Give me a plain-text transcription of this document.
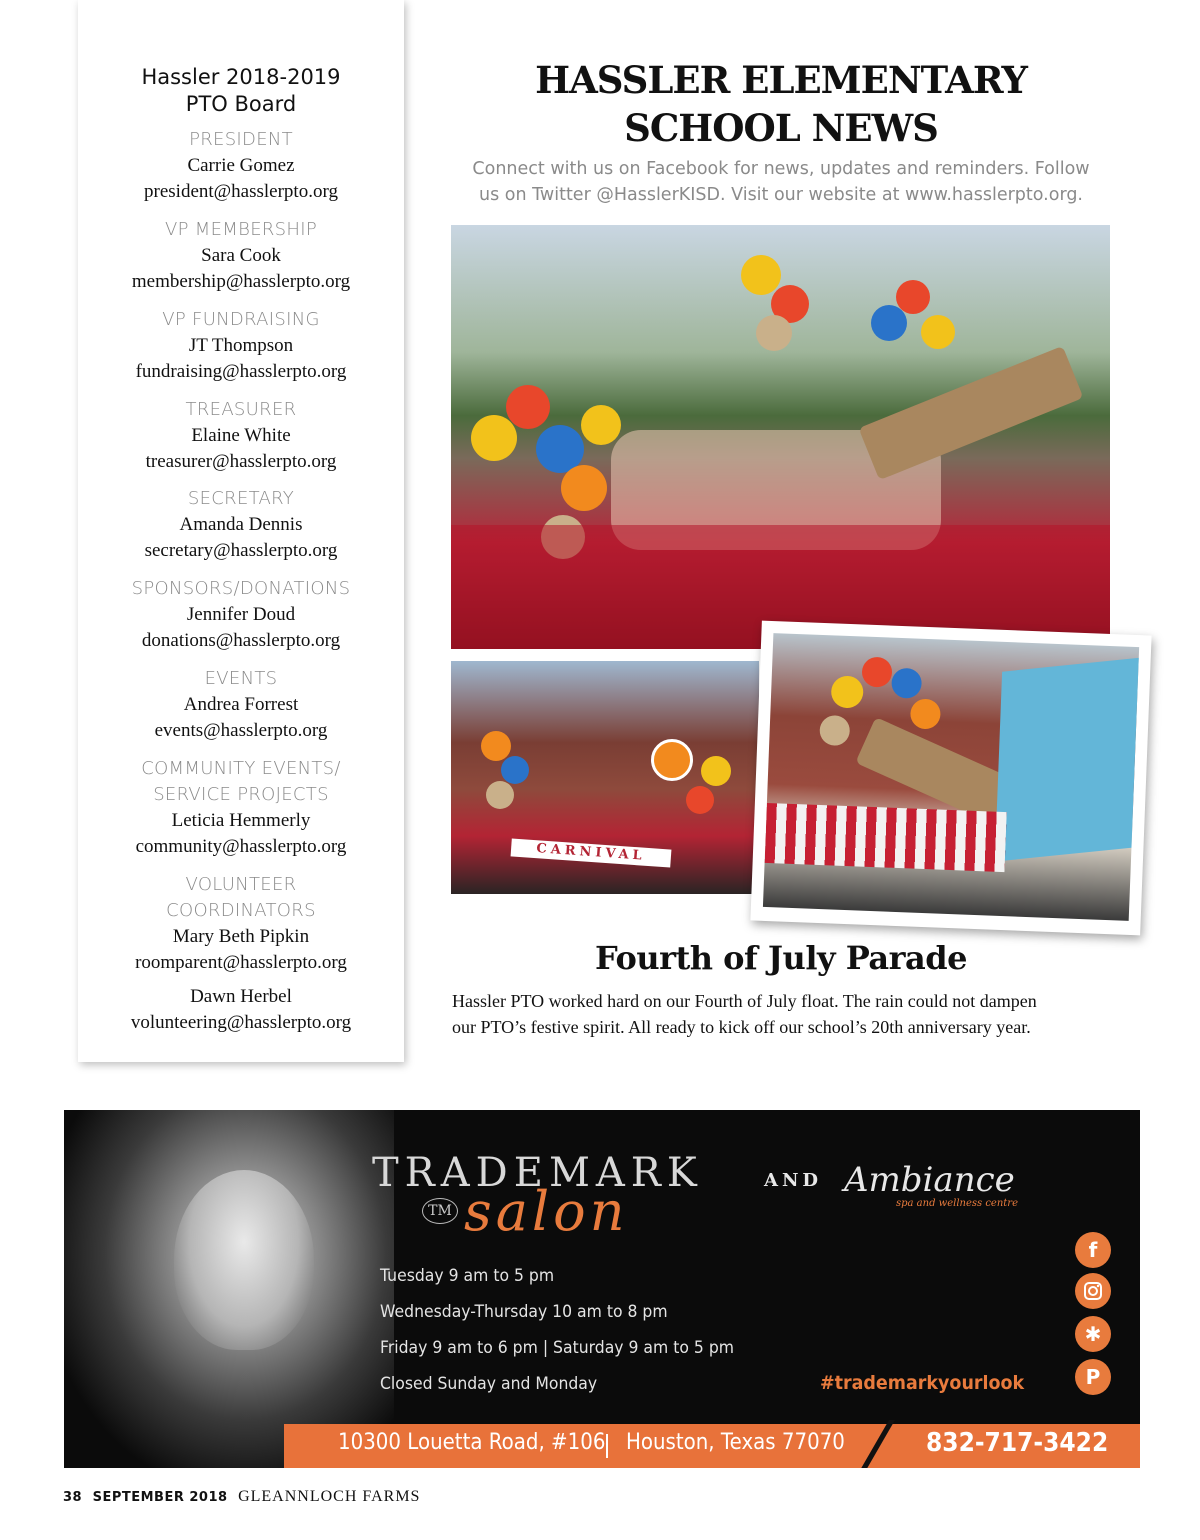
Hassler 2018-2019
PTO Board
PRESIDENT
Carrie Gomez
president@hasslerpto.org
VP MEMBERSHIP
Sara Cook
membership@hasslerpto.org
VP FUNDRAISING
JT Thompson
fundraising@hasslerpto.org
TREASURER
Elaine White
treasurer@hasslerpto.org
SECRETARY
Amanda Dennis
secretary@hasslerpto.org
SPONSORS/DONATIONS
Jennifer Doud
donations@hasslerpto.org
EVENTS
Andrea Forrest
events@hasslerpto.org
COMMUNITY EVENTS/
SERVICE PROJECTS
Leticia Hemmerly
community@hasslerpto.org
VOLUNTEER
COORDINATORS
Mary Beth Pipkin
roomparent@hasslerpto.org
Dawn Herbel
volunteering@hasslerpto.org
HASSLER ELEMENTARY
SCHOOL NEWS
Connect with us on Facebook for news, updates and reminders. Follow
us on Twitter @HasslerKISD. Visit our website at www.hasslerpto.org.
CARNIVAL
Fourth of July Parade
Hassler PTO worked hard on our Fourth of July float. The rain could not dampen
our PTO’s festive spirit. All ready to kick off our school’s 20th anniversary year.
TRADEMARK
TM salon	AND Ambiance
spa and wellness centre
Tuesday 9 am to 5 pm
Wednesday-Thursday 10 am to 8 pm
Friday 9 am to 6 pm | Saturday 9 am to 5 pm
Closed Sunday and Monday	#trademarkyourlook
f
✱
P
10300 Louetta Road, #106 Houston, Texas 77070	832-717-3422
38 SEPTEMBER 2018 GLEANNLOCH FARMS
